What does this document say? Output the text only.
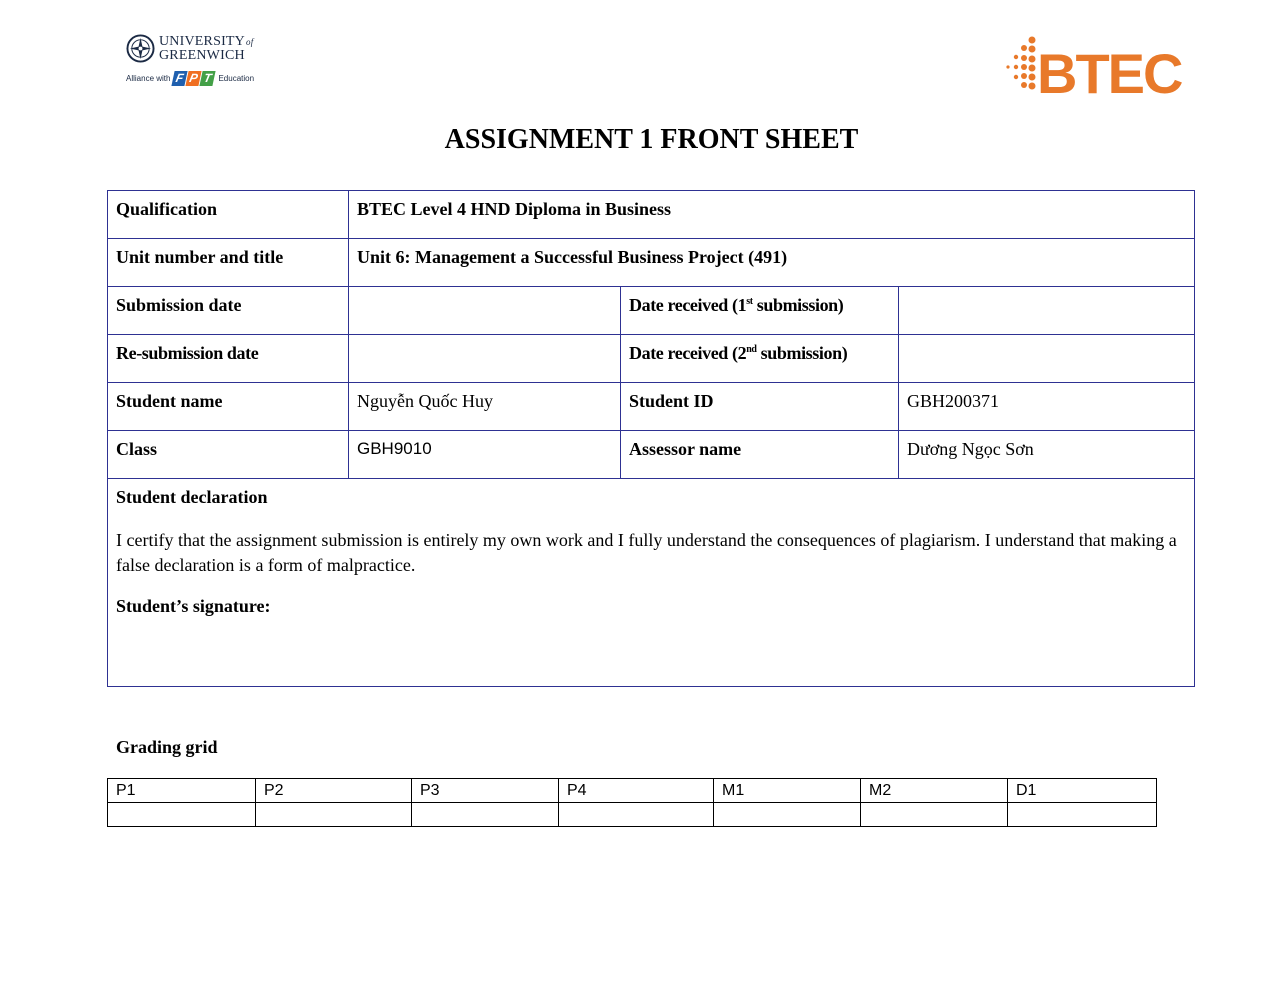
UNIVERSITYof
GREENWICH
Alliance with F P T Education	BTEC
ASSIGNMENT 1 FRONT SHEET
Qualification	BTEC Level 4 HND Diploma in Business		
Unit number and title	Unit 6: Management a Successful Business Project (491)		
Submission date		Date received (1st submission)	
Re-submission date		Date received (2nd submission)	
Student name	Nguyễn Quốc Huy	Student ID	GBH200371
Class	GBH9010	Assessor name	Dương Ngọc Sơn

Student declaration
I certify that the assignment submission is entirely my own work and I fully understand the consequences of plagiarism. I understand that making a false declaration is a form of malpractice.
Student’s signature:			
Grading grid
P1	P2	P3	P4	M1	M2	D1
